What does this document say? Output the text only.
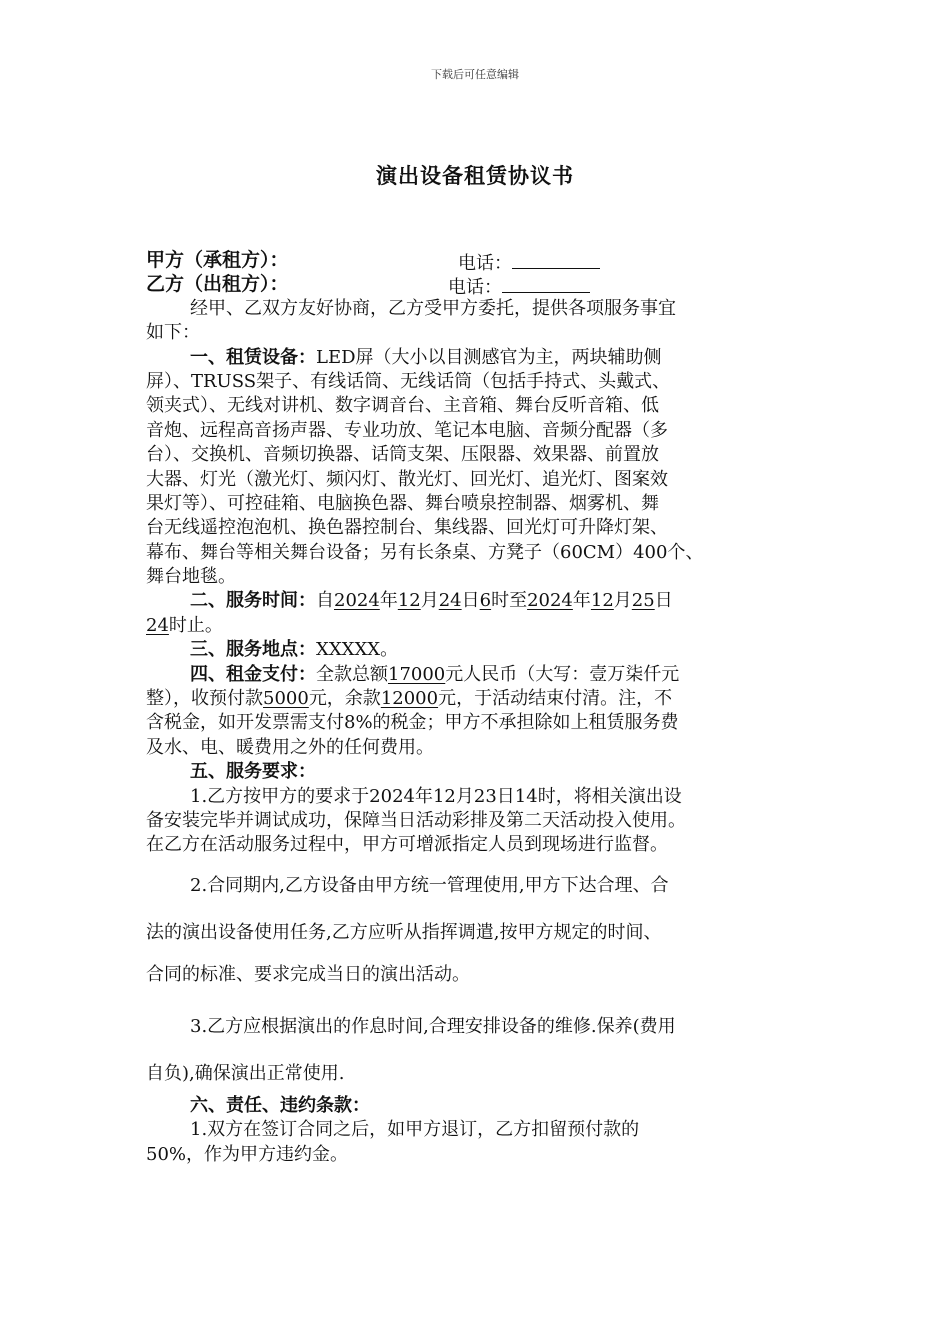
下载后可任意编辑
演出设备租赁协议书
甲方（承租方）：	电话：
乙方（出租方）：	电话：
经甲、乙双方友好协商，乙方受甲方委托，提供各项服务事宜
如下：
一、租赁设备：LED屏（大小以目测感官为主，两块辅助侧
屏）、TRUSS架子、有线话筒、无线话筒（包括手持式、头戴式、
领夹式）、无线对讲机、数字调音台、主音箱、舞台反听音箱、低
音炮、远程高音扬声器、专业功放、笔记本电脑、音频分配器（多
台）、交换机、音频切换器、话筒支架、压限器、效果器、前置放
大器、灯光（激光灯、频闪灯、散光灯、回光灯、追光灯、图案效
果灯等）、可控硅箱、电脑换色器、舞台喷泉控制器、烟雾机、舞
台无线遥控泡泡机、换色器控制台、集线器、回光灯可升降灯架、
幕布、舞台等相关舞台设备；另有长条桌、方凳子（60CM）400个、
舞台地毯。
二、服务时间：自2024年12月24日6时至2024年12月25日
24时止。
三、服务地点：XXXXX。
四、租金支付：全款总额17000元人民币（大写：壹万柒仟元
整），收预付款5000元，余款12000元，于活动结束付清。注，不
含税金，如开发票需支付8%的税金；甲方不承担除如上租赁服务费
及水、电、暖费用之外的任何费用。
五、服务要求：
1.乙方按甲方的要求于2024年12月23日14时，将相关演出设
备安装完毕并调试成功，保障当日活动彩排及第二天活动投入使用。
在乙方在活动服务过程中，甲方可增派指定人员到现场进行监督。
2.合同期内,乙方设备由甲方统一管理使用,甲方下达合理、合
法的演出设备使用任务,乙方应听从指挥调遣,按甲方规定的时间、
合同的标准、要求完成当日的演出活动。
3.乙方应根据演出的作息时间,合理安排设备的维修.保养(费用
自负),确保演出正常使用.
六、责任、违约条款：
1.双方在签订合同之后，如甲方退订，乙方扣留预付款的
50%，作为甲方违约金。
